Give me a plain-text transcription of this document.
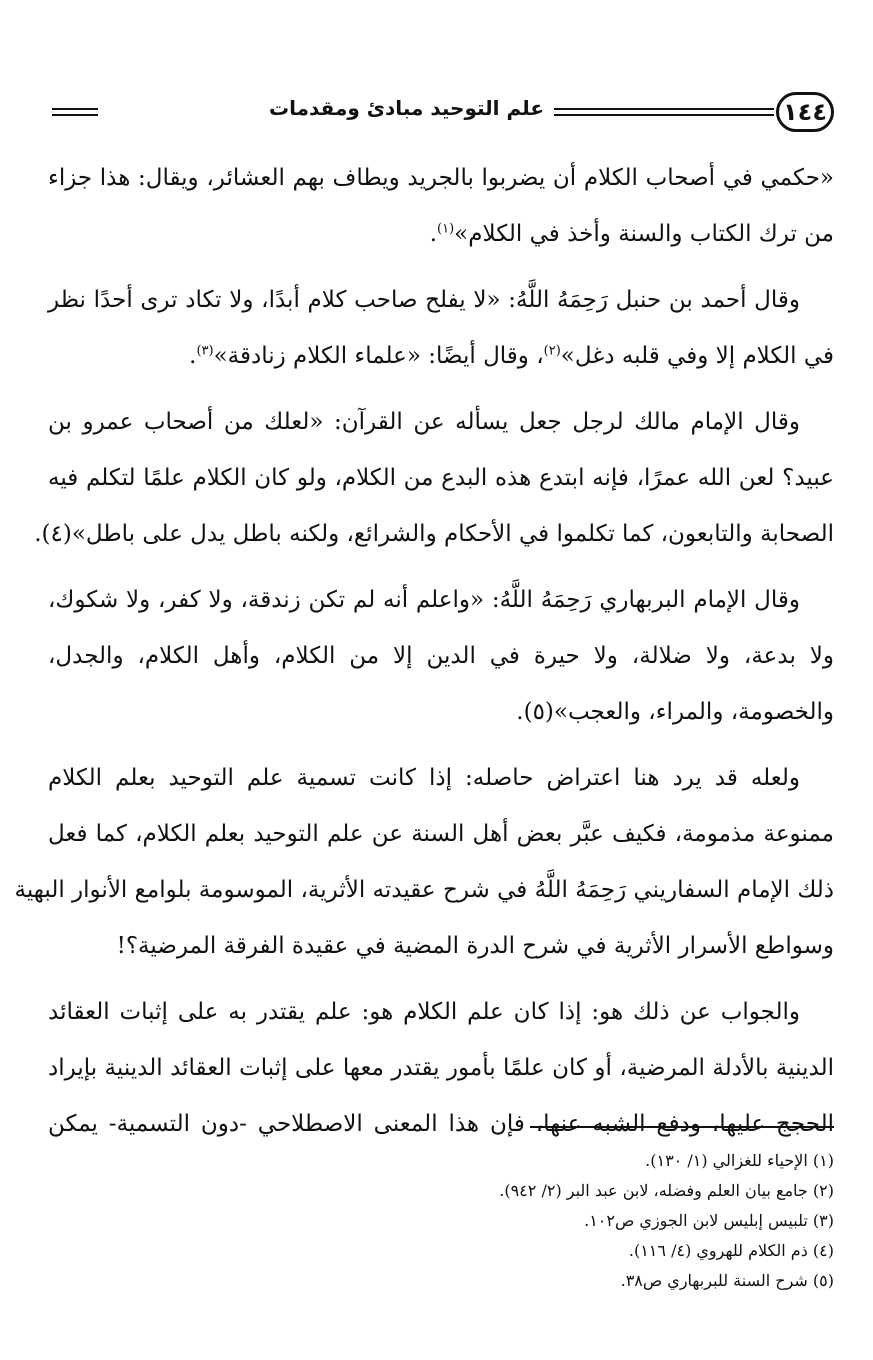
١٤٤
علم التوحيد مبادئ ومقدمات
«حكمي في أصحاب الكلام أن يضربوا بالجريد ويطاف بهم العشائر، ويقال: هذا جزاء
من ترك الكتاب والسنة وأخذ في الكلام»$^{(١)}$.
وقال أحمد بن حنبل رَحِمَهُ اللَّهُ: «لا يفلح صاحب كلام أبدًا، ولا تكاد ترى أحدًا نظر
في الكلام إلا وفي قلبه دغل»$^{(٢)}$، وقال أيضًا: «علماء الكلام زنادقة»$^{(٣)}$.
وقال الإمام مالك لرجل جعل يسأله عن القرآن: «لعلك من أصحاب عمرو بن
عبيد؟ لعن الله عمرًا، فإنه ابتدع هذه البدع من الكلام، ولو كان الكلام علمًا لتكلم فيه
الصحابة والتابعون، كما تكلموا في الأحكام والشرائع، ولكنه باطل يدل على باطل»(٤).
وقال الإمام البربهاري رَحِمَهُ اللَّهُ: «واعلم أنه لم تكن زندقة، ولا كفر، ولا شكوك،
ولا بدعة، ولا ضلالة، ولا حيرة في الدين إلا من الكلام، وأهل الكلام، والجدل،
والخصومة، والمراء، والعجب»(٥).
ولعله قد يرد هنا اعتراض حاصله: إذا كانت تسمية علم التوحيد بعلم الكلام
ممنوعة مذمومة، فكيف عبَّر بعض أهل السنة عن علم التوحيد بعلم الكلام، كما فعل
ذلك الإمام السفاريني رَحِمَهُ اللَّهُ في شرح عقيدته الأثرية، الموسومة بلوامع الأنوار البهية
وسواطع الأسرار الأثرية في شرح الدرة المضية في عقيدة الفرقة المرضية؟!
والجواب عن ذلك هو: إذا كان علم الكلام هو: علم يقتدر به على إثبات العقائد
الدينية بالأدلة المرضية، أو كان علمًا بأمور يقتدر معها على إثبات العقائد الدينية بإيراد
الحجج عليها، ودفع الشبه عنها، فإن هذا المعنى الاصطلاحي -دون التسمية- يمكن
(١) الإحياء للغزالي (١/ ١٣٠).
(٢) جامع بيان العلم وفضله، لابن عبد البر (٢/ ٩٤٢).
(٣) تلبيس إبليس لابن الجوزي ص١٠٢.
(٤) ذم الكلام للهروي (٤/ ١١٦).
(٥) شرح السنة للبربهاري ص٣٨.
